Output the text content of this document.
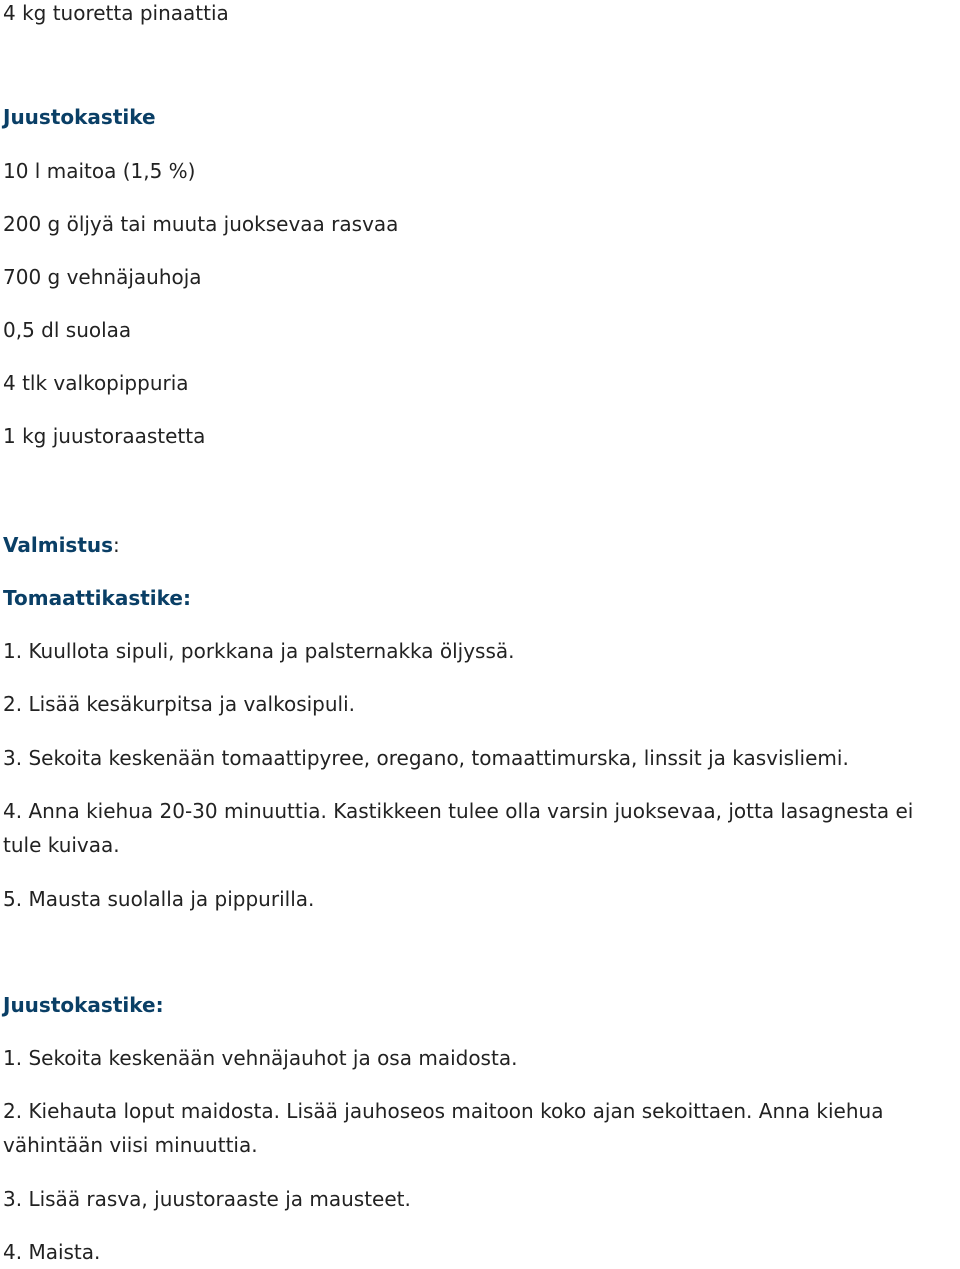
4 kg tuoretta pinaattia
Juustokastike
10 l maitoa (1,5 %)
200 g öljyä tai muuta juoksevaa rasvaa
700 g vehnäjauhoja
0,5 dl suolaa
4 tlk valkopippuria
1 kg juustoraastetta
Valmistus:
Tomaattikastike:
1. Kuullota sipuli, porkkana ja palsternakka öljyssä.
2. Lisää kesäkurpitsa ja valkosipuli.
3. Sekoita keskenään tomaattipyree, oregano, tomaattimurska, linssit ja kasvisliemi.
4. Anna kiehua 20-30 minuuttia. Kastikkeen tulee olla varsin juoksevaa, jotta lasagnesta ei tule kuivaa.
5. Mausta suolalla ja pippurilla.
Juustokastike:
1. Sekoita keskenään vehnäjauhot ja osa maidosta.
2. Kiehauta loput maidosta. Lisää jauhoseos maitoon koko ajan sekoittaen. Anna kiehua vähintään viisi minuuttia.
3. Lisää rasva, juustoraaste ja mausteet.
4. Maista.
